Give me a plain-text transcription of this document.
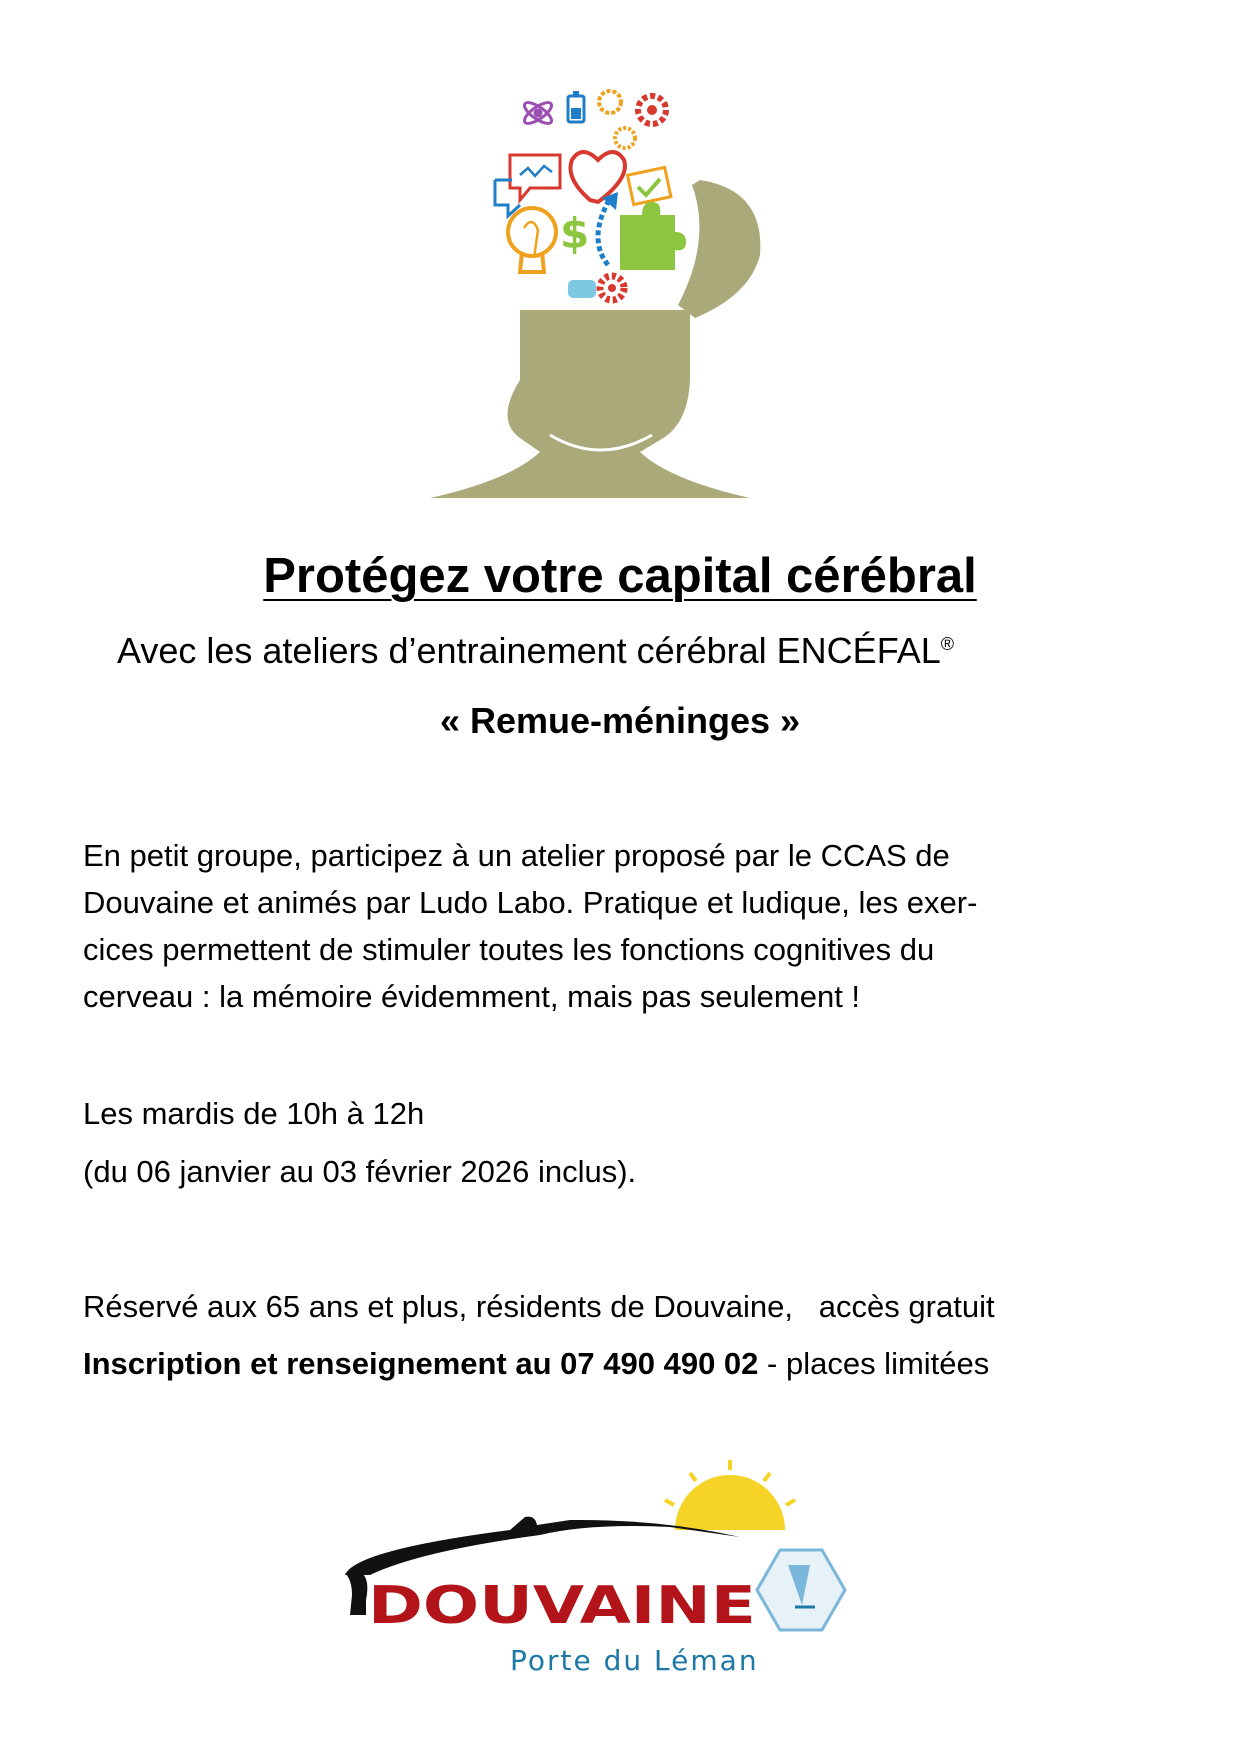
$
Protégez votre capital cérébral

Avec les ateliers d’entrainement cérébral ENCÉFAL®

« Remue-méninges »

En petit groupe, participez à un atelier proposé par le CCAS de
Douvaine et animés par Ludo Labo. Pratique et ludique, les exer-
cices permettent de stimuler toutes les fonctions cognitives du
cerveau : la mémoire évidemment, mais pas seulement !

Les mardis de 10h à 12h

(du 06 janvier au 03 février 2026 inclus).

Réservé aux 65 ans et plus, résidents de Douvaine,   accès gratuit

Inscription et renseignement au 07 490 490 02 - places limitées

DOUVAINE
Porte du Léman
